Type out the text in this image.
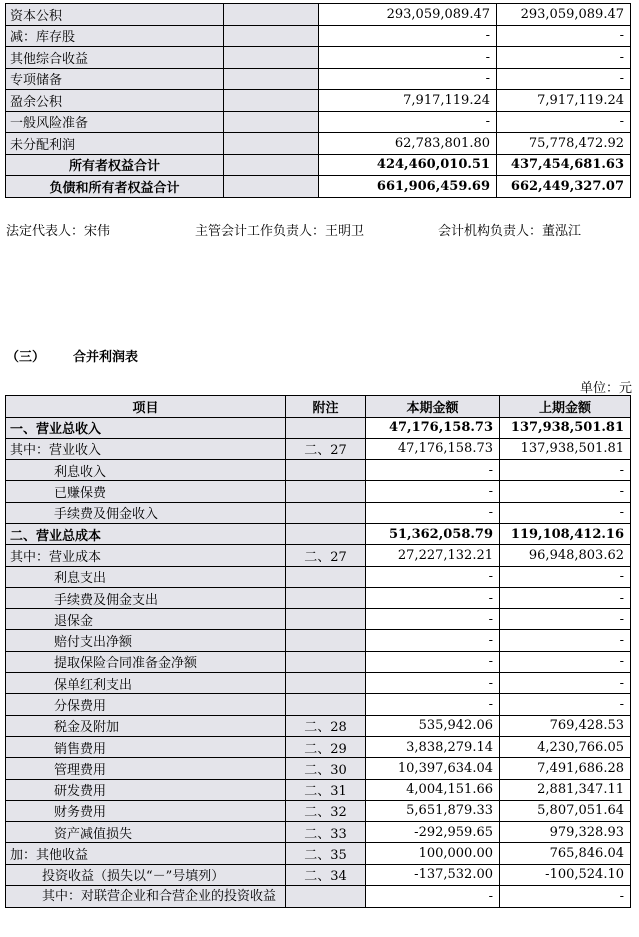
资本公积		293,059,089.47	293,059,089.47
减：库存股		-	-
其他综合收益		-	-
专项储备		-	-
盈余公积		7,917,119.24	7,917,119.24
一般风险准备		-	-
未分配利润		62,783,801.80	75,778,472.92
所有者权益合计		424,460,010.51	437,454,681.63
负债和所有者权益合计		661,906,459.69	662,449,327.07
法定代表人：宋伟	主管会计工作负责人：王明卫	会计机构负责人：董泓江
（三） 合并利润表
单位：元
项目	附注	本期金额	上期金额
一、营业总收入		47,176,158.73	137,938,501.81
其中：营业收入	二、27	47,176,158.73	137,938,501.81
利息收入		-	-
已赚保费		-	-
手续费及佣金收入		-	-
二、营业总成本		51,362,058.79	119,108,412.16
其中：营业成本	二、27	27,227,132.21	96,948,803.62
利息支出		-	-
手续费及佣金支出		-	-
退保金		-	-
赔付支出净额		-	-
提取保险合同准备金净额		-	-
保单红利支出		-	-
分保费用		-	-
税金及附加	二、28	535,942.06	769,428.53
销售费用	二、29	3,838,279.14	4,230,766.05
管理费用	二、30	10,397,634.04	7,491,686.28
研发费用	二、31	4,004,151.66	2,881,347.11
财务费用	二、32	5,651,879.33	5,807,051.64
资产减值损失	二、33	-292,959.65	979,328.93
加：其他收益	二、35	100,000.00	765,846.04
投资收益（损失以“－”号填列）	二、34	-137,532.00	-100,524.10
其中：对联营企业和合营企业的投资收益		-	-
